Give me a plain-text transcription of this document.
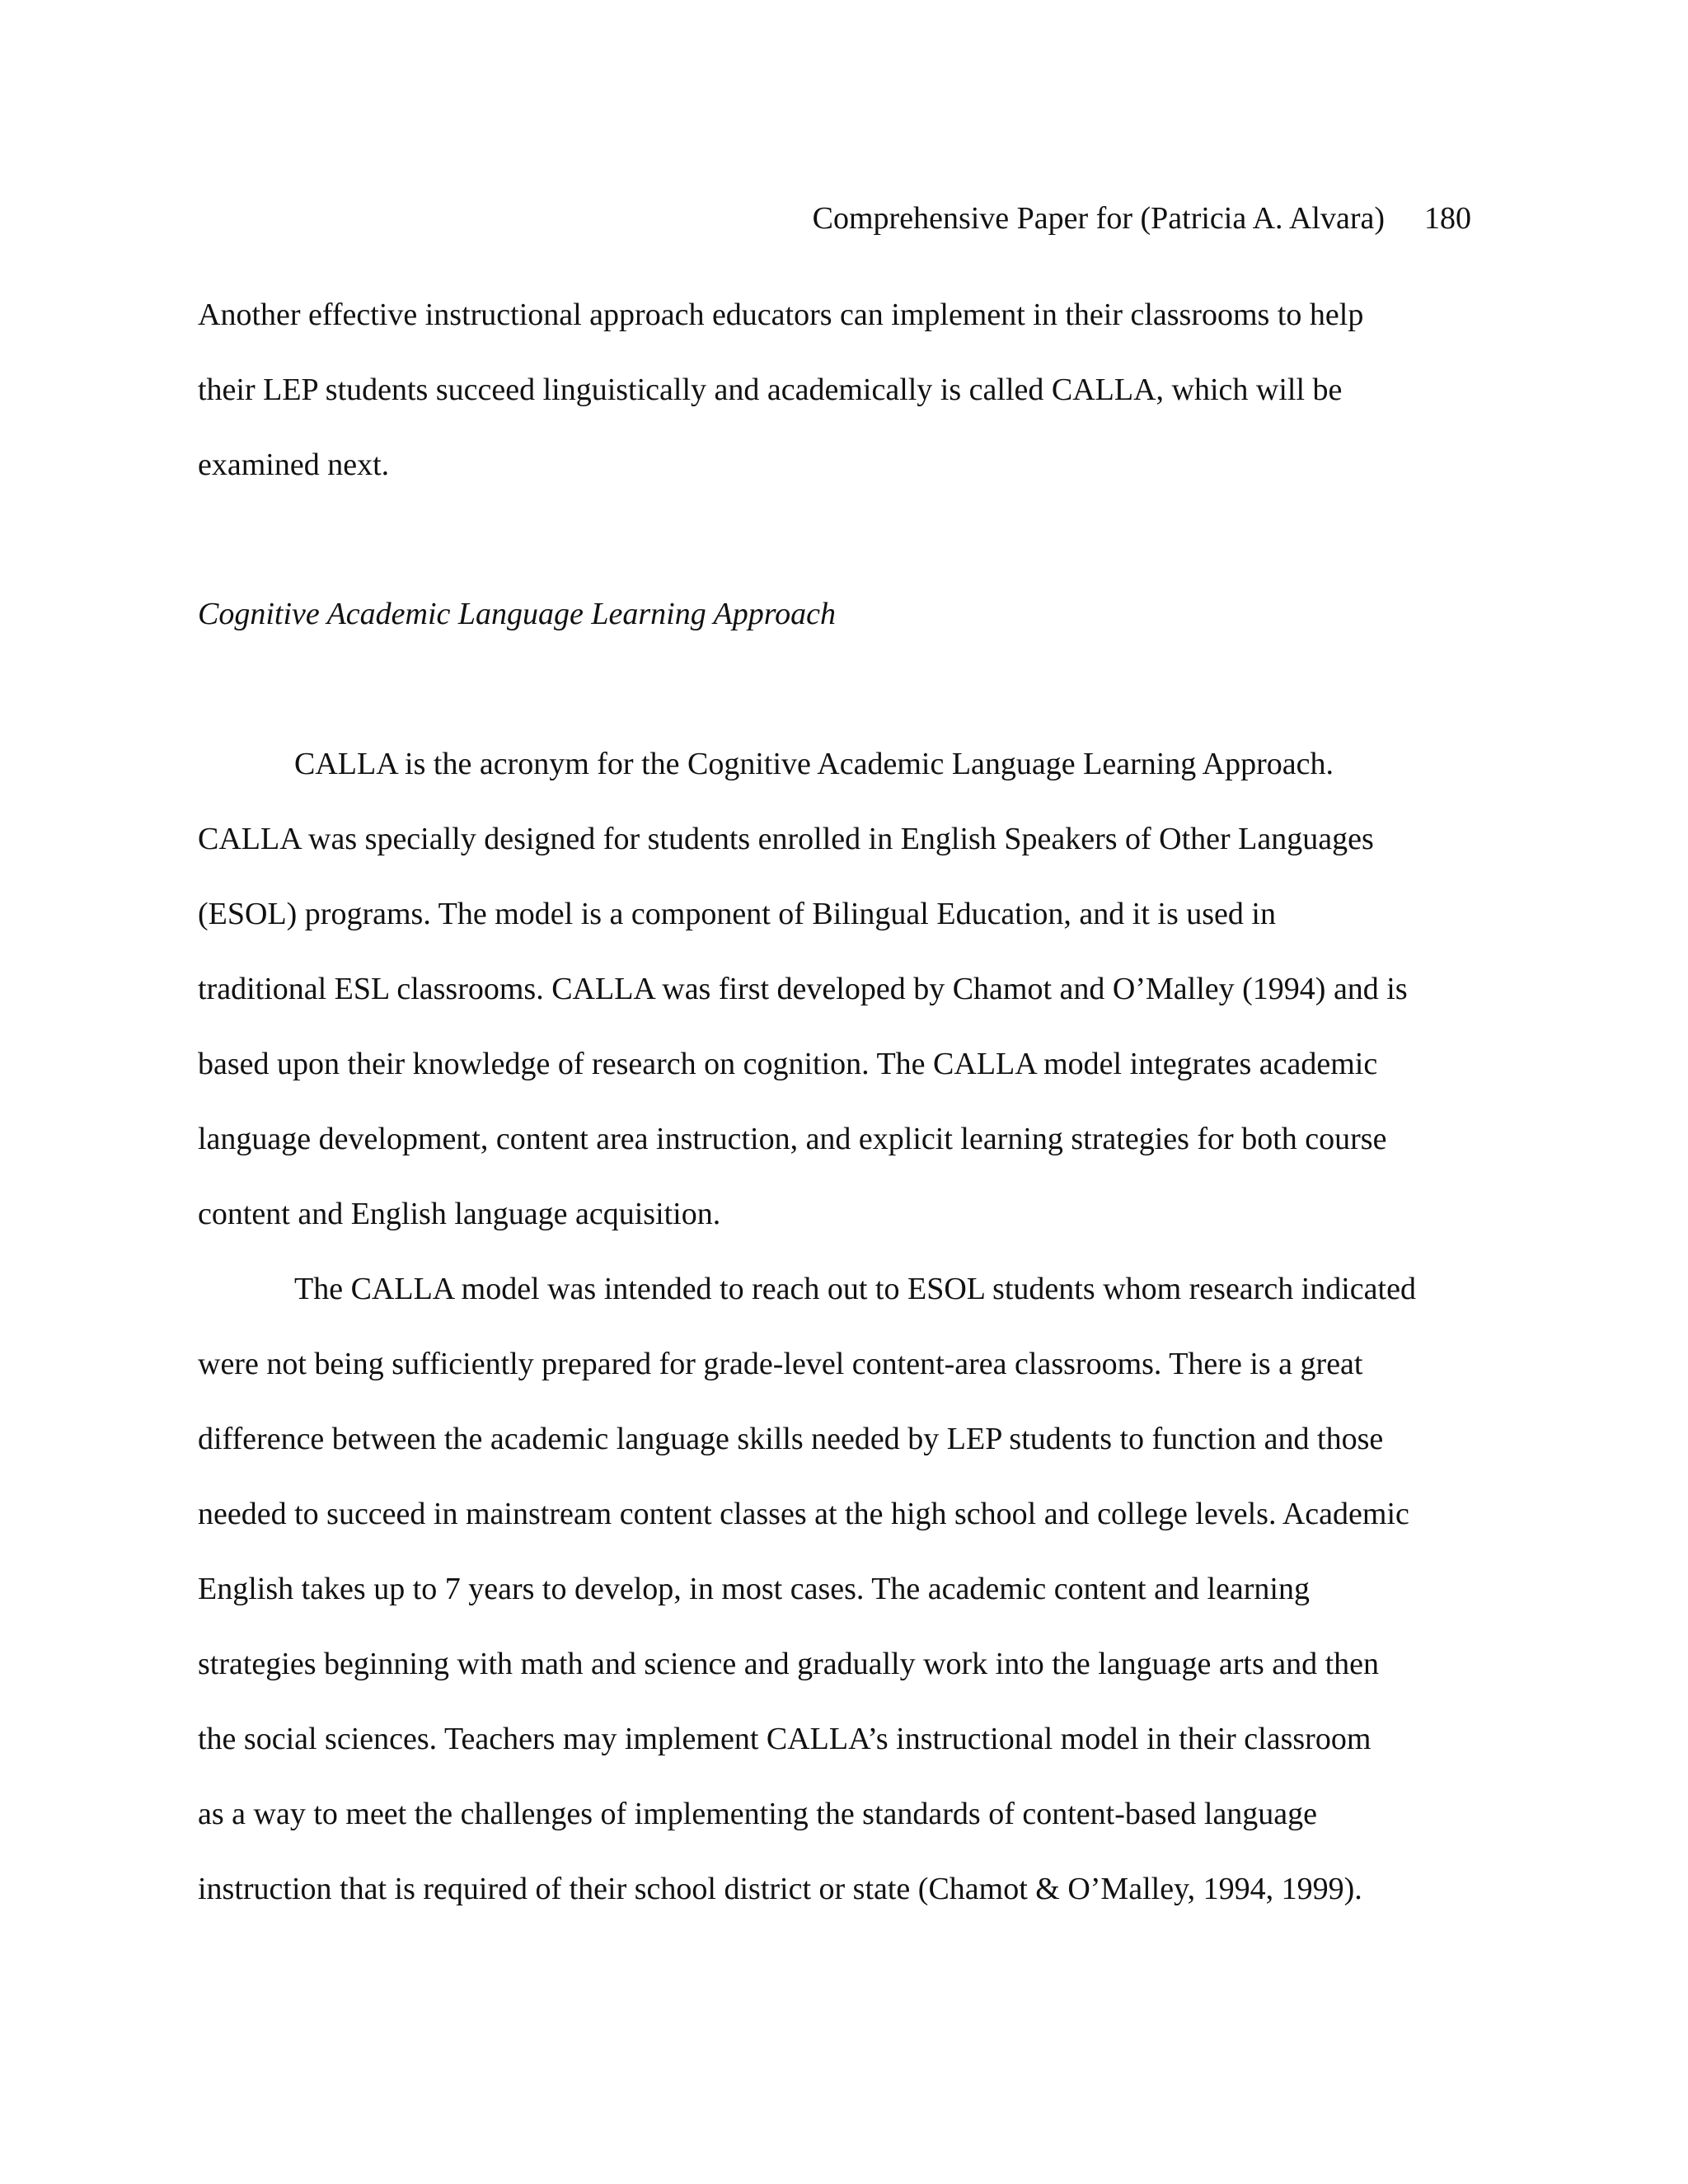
Comprehensive Paper for (Patricia A. Alvara) 180
Another effective instructional approach educators can implement in their classrooms to help
their LEP students succeed linguistically and academically is called CALLA, which will be
examined next.
Cognitive Academic Language Learning Approach
CALLA is the acronym for the Cognitive Academic Language Learning Approach.
CALLA was specially designed for students enrolled in English Speakers of Other Languages
(ESOL) programs. The model is a component of Bilingual Education, and it is used in
traditional ESL classrooms. CALLA was first developed by Chamot and O’Malley (1994) and is
based upon their knowledge of research on cognition. The CALLA model integrates academic
language development, content area instruction, and explicit learning strategies for both course
content and English language acquisition.
The CALLA model was intended to reach out to ESOL students whom research indicated
were not being sufficiently prepared for grade-level content-area classrooms. There is a great
difference between the academic language skills needed by LEP students to function and those
needed to succeed in mainstream content classes at the high school and college levels. Academic
English takes up to 7 years to develop, in most cases. The academic content and learning
strategies beginning with math and science and gradually work into the language arts and then
the social sciences. Teachers may implement CALLA’s instructional model in their classroom
as a way to meet the challenges of implementing the standards of content-based language
instruction that is required of their school district or state (Chamot & O’Malley, 1994, 1999).
